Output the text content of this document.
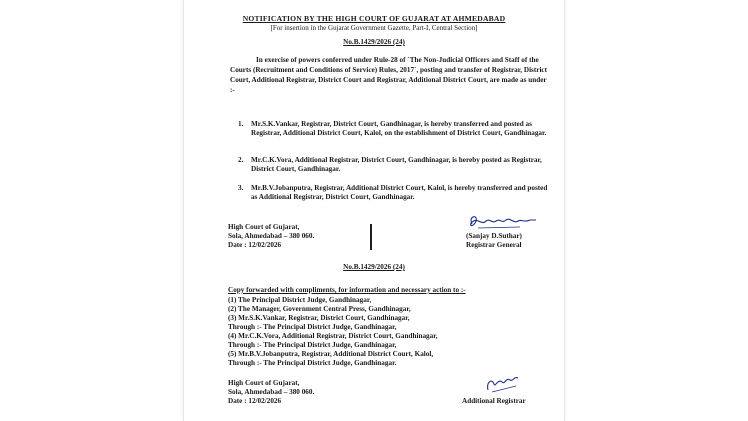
NOTIFICATION BY THE HIGH COURT OF GUJARAT AT AHMEDABAD
[For insertion in the Gujarat Government Gazette, Part-I, Central Section]
No.B.1429/2026 (24)
In exercise of powers conferred under Rule-28 of `The Non-Judicial Officers and Staff of the Courts (Recruitment and Conditions of Service) Rules, 2017`, posting and transfer of Registrar, District Court, Additional Registrar, District Court and Registrar, Additional District Court, are made as under :-
1. Mr.S.K.Vankar, Registrar, District Court, Gandhinagar, is hereby transferred and posted as Registrar, Additional District Court, Kalol, on the establishment of District Court, Gandhinagar.
2. Mr.C.K.Vora, Additional Registrar, District Court, Gandhinagar, is hereby posted as Registrar, District Court, Gandhinagar.
3. Mr.B.V.Jobanputra, Registrar, Additional District Court, Kalol, is hereby transferred and posted as Additional Registrar, District Court, Gandhinagar.
High Court of Gujarat,
Sola, Ahmedabad – 380 060.
Date : 12/02/2026
(Sanjay D.Suthar)
Registrar General
No.B.1429/2026 (24)
Copy forwarded with compliments, for information and necessary action to :-
(1) The Principal District Judge, Gandhinagar,
(2) The Manager, Government Central Press, Gandhinagar,
(3) Mr.S.K.Vankar, Registrar, District Court, Gandhinagar,
Through :- The Principal District Judge, Gandhinagar,
(4) Mr.C.K.Vora, Additional Registrar, District Court, Gandhinagar,
Through :- The Principal District Judge, Gandhinagar,
(5) Mr.B.V.Jobanputra, Registrar, Additional District Court, Kalol,
Through :- The Principal District Judge, Gandhinagar.
High Court of Gujarat,
Sola, Ahmedabad – 380 060.
Date : 12/02/2026	Additional Registrar
